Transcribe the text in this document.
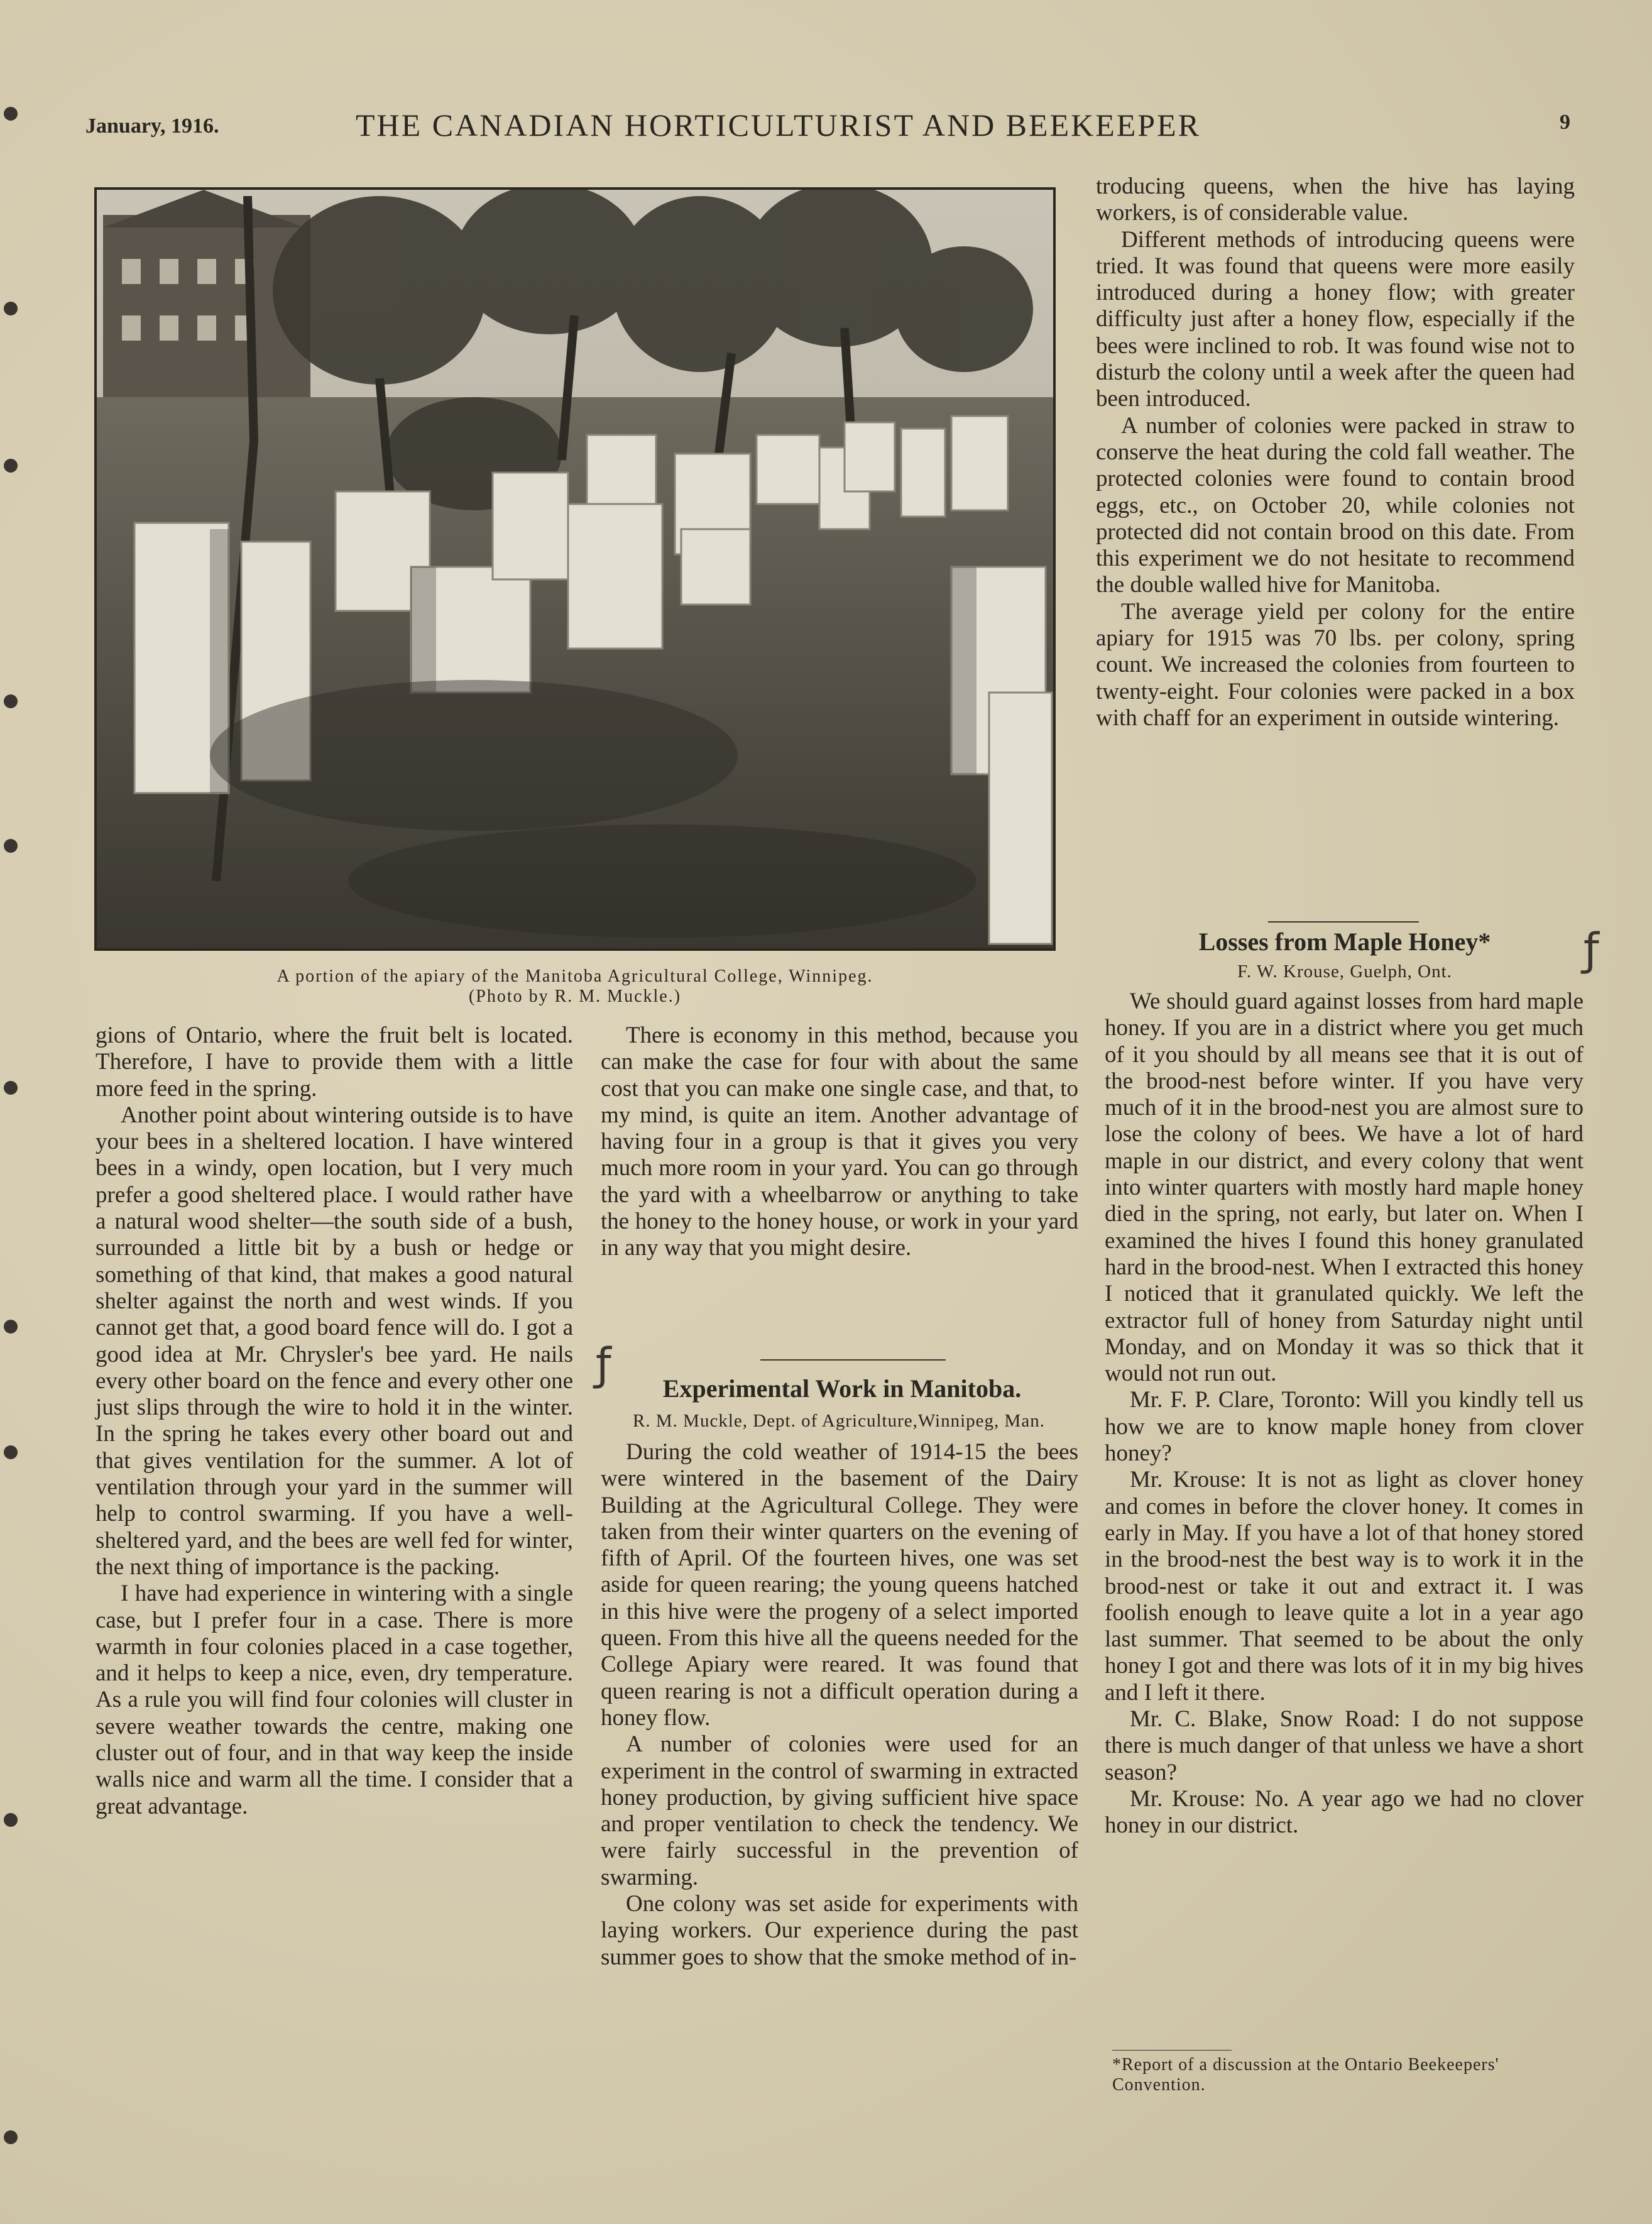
January, 1916.	THE CANADIAN HORTICULTURIST AND BEEKEEPER	9
A portion of the apiary of the Manitoba Agricultural College, Winnipeg.
(Photo by R. M. Muckle.)

gions of Ontario, where the fruit belt is located. Therefore, I have to provide them with a little more feed in the spring.

Another point about wintering outside is to have your bees in a sheltered location. I have wintered bees in a windy, open location, but I very much prefer a good sheltered place. I would rather have a natural wood shelter—the south side of a bush, surrounded a little bit by a bush or hedge or something of that kind, that makes a good natural shelter against the north and west winds. If you cannot get that, a good board fence will do. I got a good idea at Mr. Chrysler's bee yard. He nails every other board on the fence and every other one just slips through the wire to hold it in the winter. In the spring he takes every other board out and that gives ventilation for the summer. A lot of ventilation through your yard in the summer will help to control swarming. If you have a well-sheltered yard, and the bees are well fed for winter, the next thing of importance is the packing.

I have had experience in wintering with a single case, but I prefer four in a case. There is more warmth in four colonies placed in a case together, and it helps to keep a nice, even, dry temperature. As a rule you will find four colonies will cluster in severe weather towards the centre, making one cluster out of four, and in that way keep the inside walls nice and warm all the time. I consider that a great advantage.

There is economy in this method, because you can make the case for four with about the same cost that you can make one single case, and that, to my mind, is quite an item. Another advantage of having four in a group is that it gives you very much more room in your yard. You can go through the yard with a wheelbarrow or anything to take the honey to the honey house, or work in your yard in any way that you might desire.

ƒ	Experimental Work in Manitoba.
R. M. Muckle, Dept. of Agriculture,Winnipeg, Man.

During the cold weather of 1914-15 the bees were wintered in the basement of the Dairy Building at the Agricultural College. They were taken from their winter quarters on the evening of fifth of April. Of the fourteen hives, one was set aside for queen rearing; the young queens hatched in this hive were the progeny of a select imported queen. From this hive all the queens needed for the College Apiary were reared. It was found that queen rearing is not a difficult operation during a honey flow.

A number of colonies were used for an experiment in the control of swarming in extracted honey production, by giving sufficient hive space and proper ventilation to check the tendency. We were fairly successful in the prevention of swarming.

One colony was set aside for experiments with laying workers. Our experience during the past summer goes to show that the smoke method of in-

troducing queens, when the hive has laying workers, is of considerable value.

Different methods of introducing queens were tried. It was found that queens were more easily introduced during a honey flow; with greater difficulty just after a honey flow, especially if the bees were inclined to rob. It was found wise not to disturb the colony until a week after the queen had been introduced.

A number of colonies were packed in straw to conserve the heat during the cold fall weather. The protected colonies were found to contain brood eggs, etc., on October 20, while colonies not protected did not contain brood on this date. From this experiment we do not hesitate to recommend the double walled hive for Manitoba.

The average yield per colony for the entire apiary for 1915 was 70 lbs. per colony, spring count. We increased the colonies from fourteen to twenty-eight. Four colonies were packed in a box with chaff for an experiment in outside wintering.

Losses from Maple Honey*	ƒ
F. W. Krouse, Guelph, Ont.

We should guard against losses from hard maple honey. If you are in a district where you get much of it you should by all means see that it is out of the brood-nest before winter. If you have very much of it in the brood-nest you are almost sure to lose the colony of bees. We have a lot of hard maple in our district, and every colony that went into winter quarters with mostly hard maple honey died in the spring, not early, but later on. When I examined the hives I found this honey granulated hard in the brood-nest. When I extracted this honey I noticed that it granulated quickly. We left the extractor full of honey from Saturday night until Monday, and on Monday it was so thick that it would not run out.

Mr. F. P. Clare, Toronto: Will you kindly tell us how we are to know maple honey from clover honey?

Mr. Krouse: It is not as light as clover honey and comes in before the clover honey. It comes in early in May. If you have a lot of that honey stored in the brood-nest the best way is to work it in the brood-nest or take it out and extract it. I was foolish enough to leave quite a lot in a year ago last summer. That seemed to be about the only honey I got and there was lots of it in my big hives and I left it there.

Mr. C. Blake, Snow Road: I do not suppose there is much danger of that unless we have a short season?

Mr. Krouse: No. A year ago we had no clover honey in our district.

*Report of a discussion at the Ontario Beekeepers' Convention.
